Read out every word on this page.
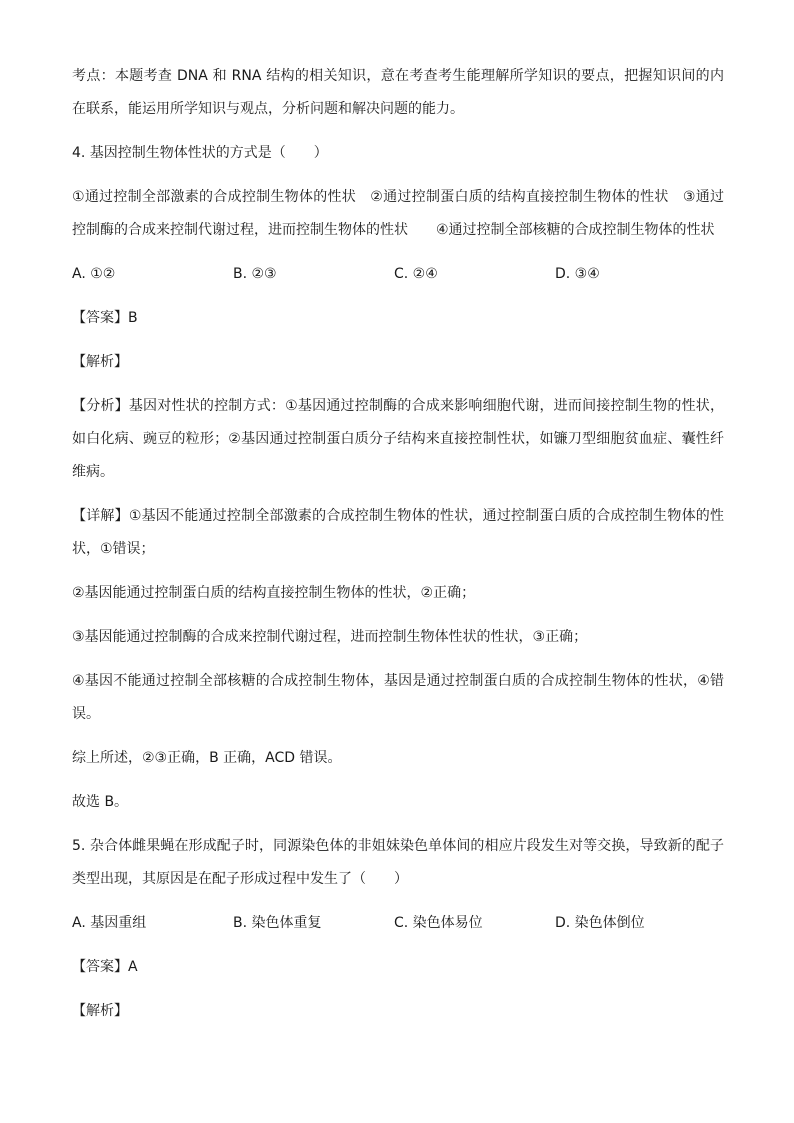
考点：本题考查 DNA 和 RNA 结构的相关知识，意在考查考生能理解所学知识的要点，把握知识间的内在联系，能运用所学知识与观点，分析问题和解决问题的能力。

4. 基因控制生物体性状的方式是（　　）

①通过控制全部激素的合成控制生物体的性状　②通过控制蛋白质的结构直接控制生物体的性状　③通过控制酶的合成来控制代谢过程，进而控制生物体的性状　　④通过控制全部核糖的合成控制生物体的性状

A. ①②	B. ②③	C. ②④	D. ③④

【答案】B

【解析】

【分析】基因对性状的控制方式：①基因通过控制酶的合成来影响细胞代谢，进而间接控制生物的性状，如白化病、豌豆的粒形；②基因通过控制蛋白质分子结构来直接控制性状，如镰刀型细胞贫血症、囊性纤维病。

【详解】①基因不能通过控制全部激素的合成控制生物体的性状，通过控制蛋白质的合成控制生物体的性状，①错误；

②基因能通过控制蛋白质的结构直接控制生物体的性状，②正确；

③基因能通过控制酶的合成来控制代谢过程，进而控制生物体性状的性状，③正确；

④基因不能通过控制全部核糖的合成控制生物体，基因是通过控制蛋白质的合成控制生物体的性状，④错误。

综上所述，②③正确，B 正确，ACD 错误。

故选 B。

5. 杂合体雌果蝇在形成配子时，同源染色体的非姐妹染色单体间的相应片段发生对等交换，导致新的配子类型出现，其原因是在配子形成过程中发生了（　　）

A. 基因重组	B. 染色体重复	C. 染色体易位	D. 染色体倒位

【答案】A

【解析】
